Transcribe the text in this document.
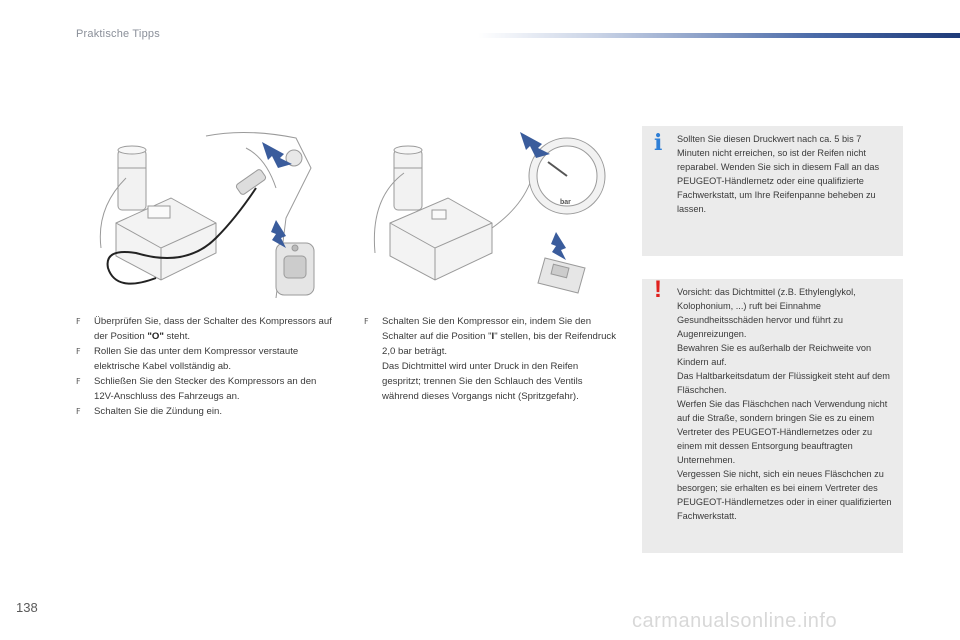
Praktische Tipps
bar

F Überprüfen Sie, dass der Schalter des Kompressors auf der Position "O" steht.

F Rollen Sie das unter dem Kompressor verstaute elektrische Kabel vollständig ab.

F Schließen Sie den Stecker des Kompressors an den 12V-Anschluss des Fahrzeugs an.

F Schalten Sie die Zündung ein.

F Schalten Sie den Kompressor ein, indem Sie den Schalter auf die Position "I" stellen, bis der Reifendruck 2,0 bar beträgt.
Das Dichtmittel wird unter Druck in den Reifen gespritzt; trennen Sie den Schlauch des Ventils während dieses Vorgangs nicht (Spritzgefahr).

i Sollten Sie diesen Druckwert nach ca. 5 bis 7 Minuten nicht erreichen, so ist der Reifen nicht reparabel. Wenden Sie sich in diesem Fall an das PEUGEOT-Händlernetz oder eine qualifizierte Fachwerkstatt, um Ihre Reifenpanne beheben zu lassen.

! Vorsicht: das Dichtmittel (z.B. Ethylenglykol, Kolophonium, ...) ruft bei Einnahme Gesundheitsschäden hervor und führt zu Augenreizungen.

Bewahren Sie es außerhalb der Reichweite von Kindern auf.

Das Haltbarkeitsdatum der Flüssigkeit steht auf dem Fläschchen.

Werfen Sie das Fläschchen nach Verwendung nicht auf die Straße, sondern bringen Sie es zu einem Vertreter des PEUGEOT-Händlernetzes oder zu einem mit dessen Entsorgung beauftragten Unternehmen.

Vergessen Sie nicht, sich ein neues Fläschchen zu besorgen; sie erhalten es bei einem Vertreter des PEUGEOT-Händlernetzes oder in einer qualifizierten Fachwerkstatt.

138
carmanualsonline.info
